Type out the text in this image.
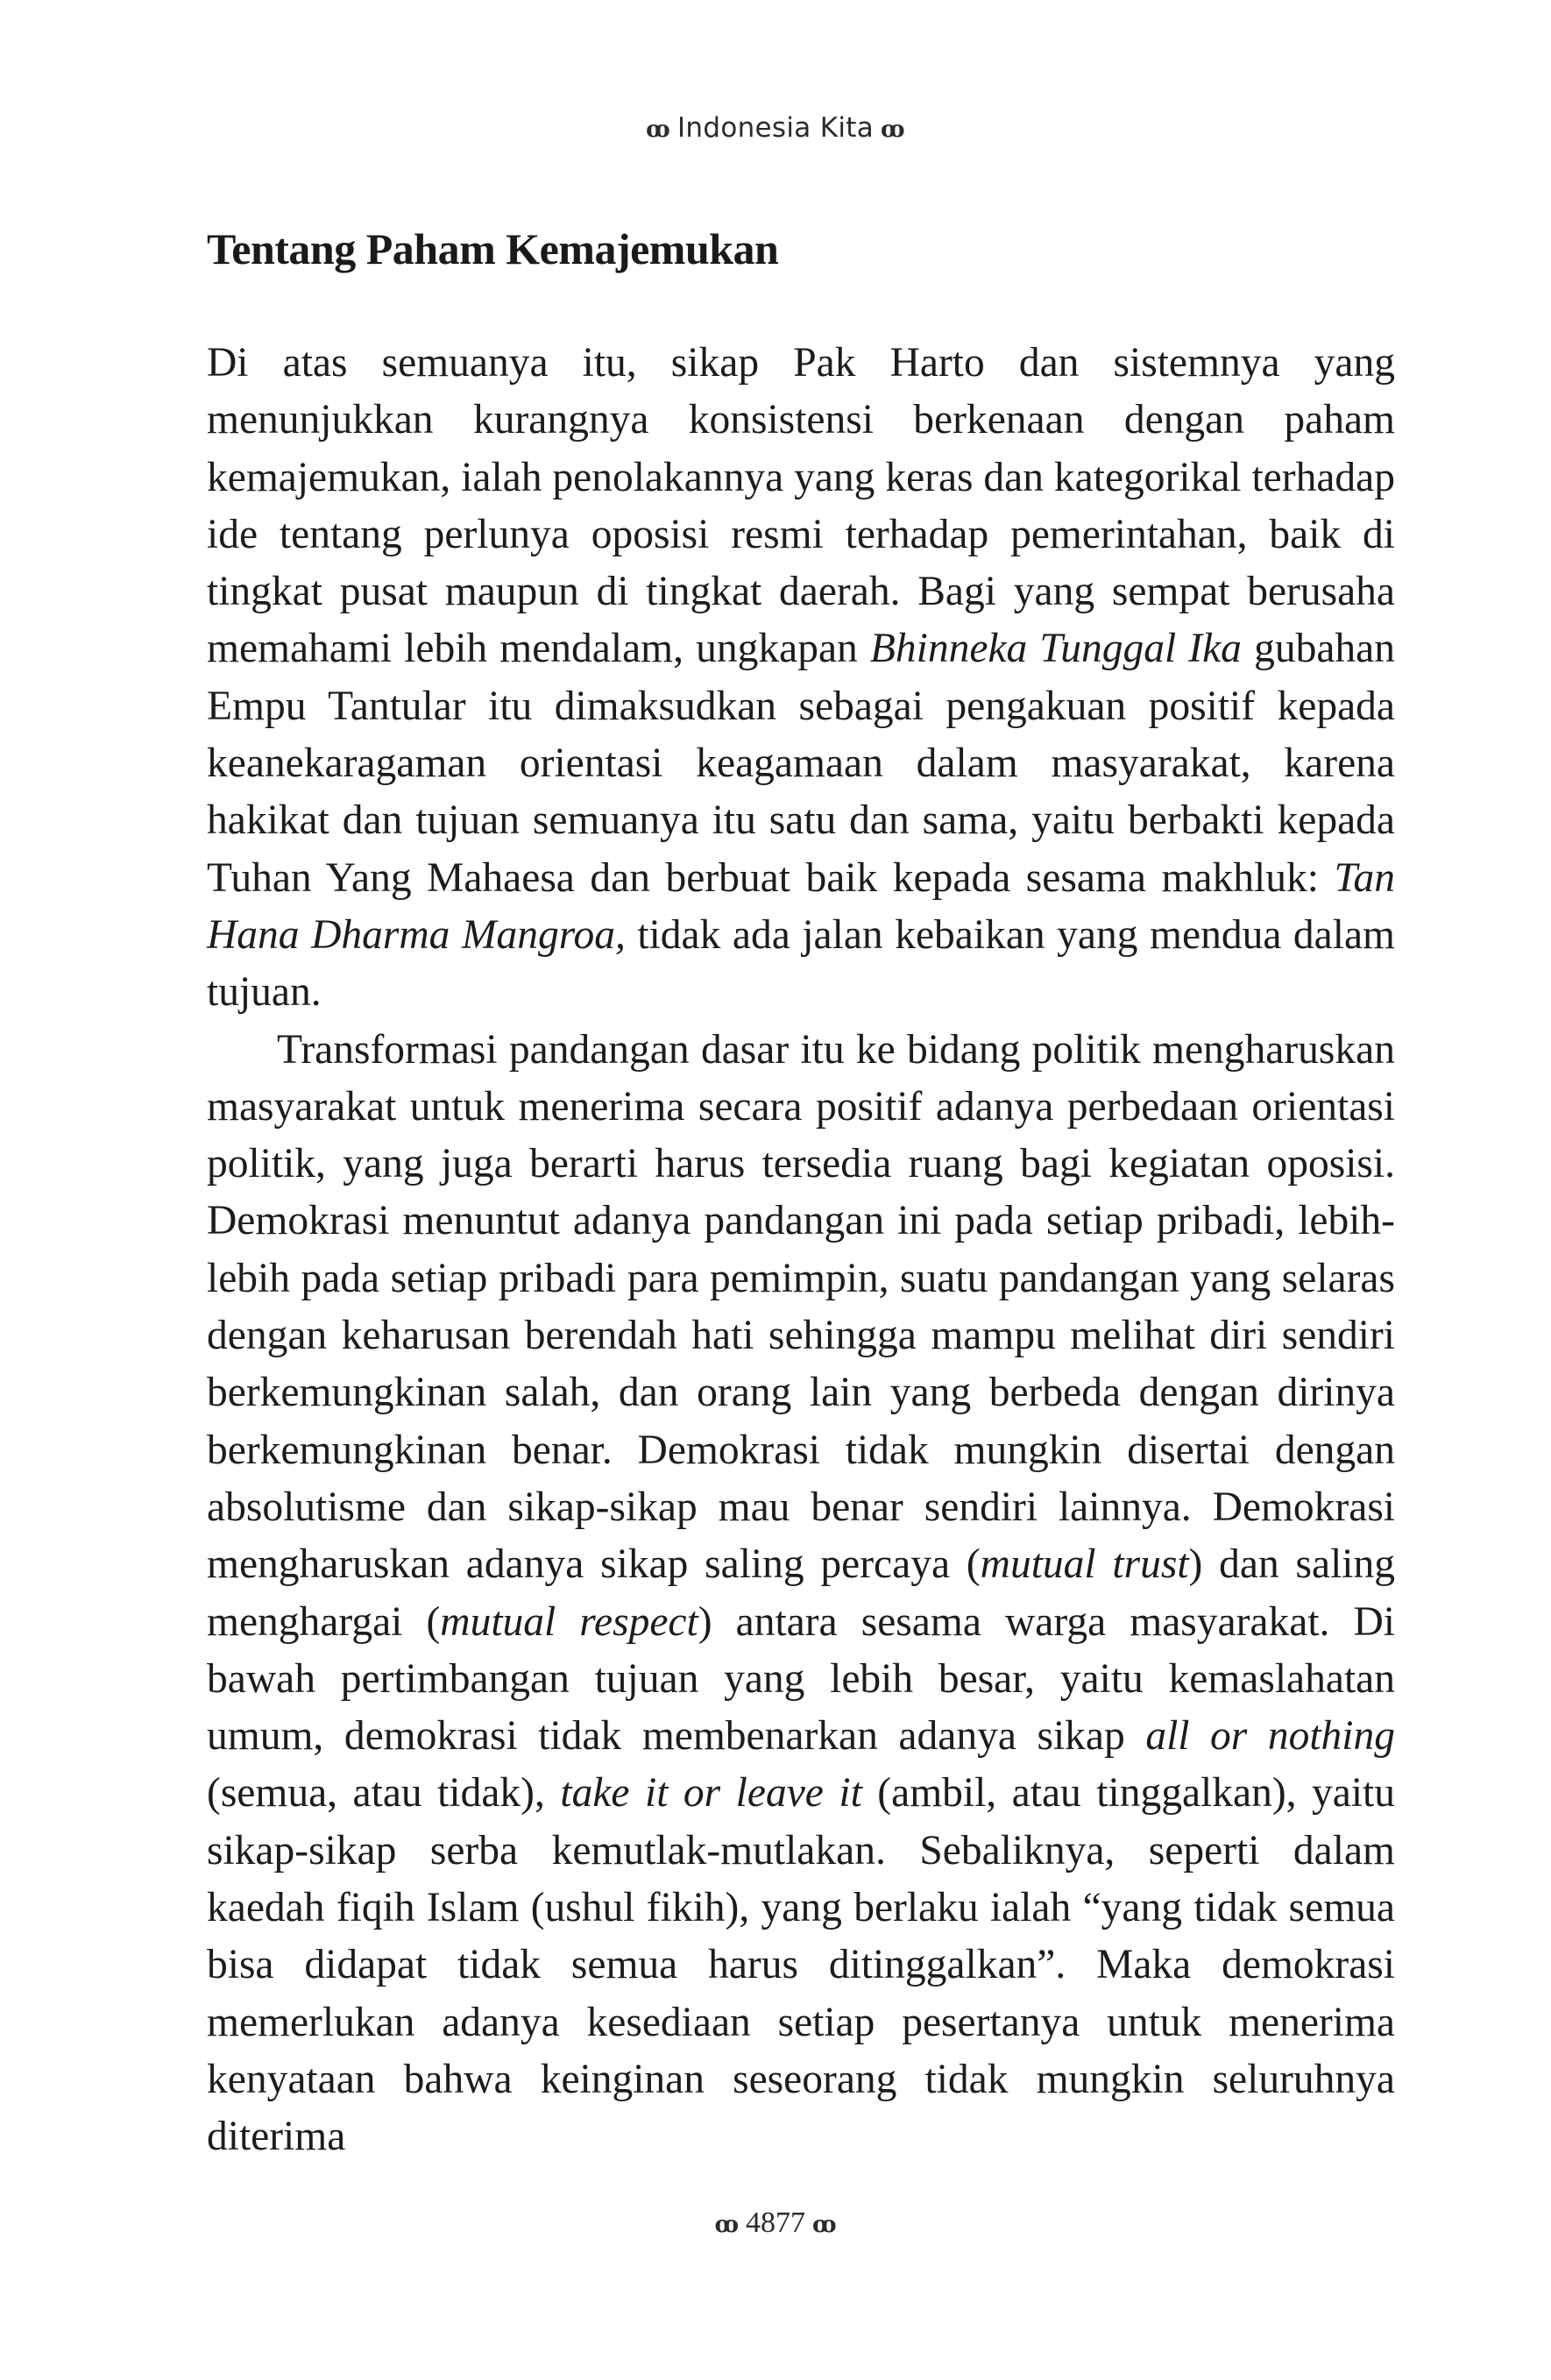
ꝏ Indonesia Kita ꝏ
Tentang Paham Kemajemukan

Di atas semuanya itu, sikap Pak Harto dan sistemnya yang menunjukkan kurangnya konsistensi berkenaan dengan paham kemajemukan, ialah penolakannya yang keras dan kategorikal terhadap ide tentang perlunya oposisi resmi terhadap pemerintahan, baik di tingkat pusat maupun di tingkat daerah. Bagi yang sempat berusaha memahami lebih mendalam, ungkapan Bhinneka Tunggal Ika gubahan Empu Tantular itu dimaksudkan sebagai pengakuan positif kepada keanekaragaman orientasi keagamaan dalam masyarakat, karena hakikat dan tujuan semuanya itu satu dan sama, yaitu berbakti kepada Tuhan Yang Mahaesa dan berbuat baik kepada sesama makhluk: Tan Hana Dharma Mangroa, tidak ada jalan kebaikan yang mendua dalam tujuan.

Transformasi pandangan dasar itu ke bidang politik mengharuskan masyarakat untuk menerima secara positif adanya perbedaan orientasi politik, yang juga berarti harus tersedia ruang bagi kegiatan oposisi. Demokrasi menuntut adanya pandangan ini pada setiap pribadi, lebih-lebih pada setiap pribadi para pemimpin, suatu pandangan yang selaras dengan keharusan berendah hati sehingga mampu melihat diri sendiri berkemungkinan salah, dan orang lain yang berbeda dengan dirinya berkemungkinan benar. Demokrasi tidak mungkin disertai dengan absolutisme dan sikap-sikap mau benar sendiri lainnya. Demokrasi mengharuskan adanya sikap saling percaya (mutual trust) dan saling menghargai (mutual respect) antara sesama warga masyarakat. Di bawah pertimbangan tujuan yang lebih besar, yaitu kemaslahatan umum, demokrasi tidak membenarkan adanya sikap all or nothing (semua, atau tidak), take it or leave it (ambil, atau tinggalkan), yaitu sikap-sikap serba kemutlak-mutlakan. Sebaliknya, seperti dalam kaedah fiqih Islam (ushul fikih), yang berlaku ialah “yang tidak semua bisa didapat tidak semua harus ditinggalkan”. Maka demokrasi memerlukan adanya kesediaan setiap pesertanya untuk menerima kenyataan bahwa keinginan seseorang tidak mungkin seluruhnya diterima

ꝏ 4877 ꝏ
